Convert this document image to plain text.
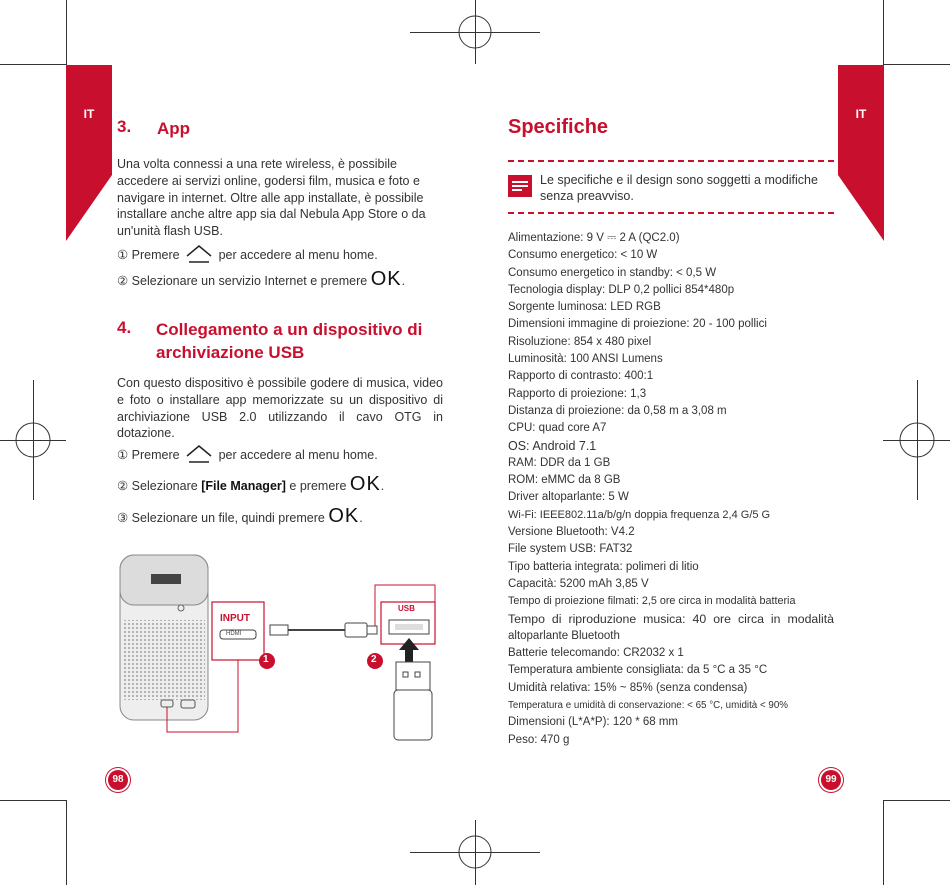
IT	IT
3. App
Una volta connessi a una rete wireless, è possibile accedere ai servizi online, godersi film, musica e foto e navigare in internet. Oltre alle app installate, è possibile installare anche altre app sia dal Nebula App Store o da un'unità flash USB.
① Premere	per accedere al menu home.
② Selezionare un servizio Internet e premere OK.
4. Collegamento a un dispositivo di
archiviazione USB
Con questo dispositivo è possibile godere di musica, video e foto o installare app memorizzate su un dispositivo di archiviazione USB 2.0 utilizzando il cavo OTG in dotazione.
① Premere	per accedere al menu home.
② Selezionare [File Manager] e premere OK.
③ Selezionare un file, quindi premere OK.
INPUT
USB
HDMI
1	2
Specifiche
Le specifiche e il design sono soggetti a modifiche senza preavviso.
Alimentazione: 9 V ⎓ 2 A (QC2.0)
Consumo energetico: < 10 W
Consumo energetico in standby: < 0,5 W
Tecnologia display: DLP 0,2 pollici 854*480p
Sorgente luminosa: LED RGB
Dimensioni immagine di proiezione: 20 - 100 pollici
Risoluzione: 854 x 480 pixel
Luminosità: 100 ANSI Lumens
Rapporto di contrasto: 400:1
Rapporto di proiezione: 1,3
Distanza di proiezione: da 0,58 m a 3,08 m
CPU: quad core A7
OS: Android 7.1
RAM: DDR da 1 GB
ROM: eMMC da 8 GB
Driver altoparlante: 5 W
Wi-Fi: IEEE802.11a/b/g/n doppia frequenza 2,4 G/5 G
Versione Bluetooth: V4.2
File system USB: FAT32
Tipo batteria integrata: polimeri di litio
Capacità: 5200 mAh 3,85 V
Tempo di proiezione filmati: 2,5 ore circa in modalità batteria
Tempo di riproduzione musica: 40 ore circa in modalità
altoparlante Bluetooth
Batterie telecomando: CR2032 x 1
Temperatura ambiente consigliata: da 5 °C a 35 °C
Umidità relativa: 15% ~ 85% (senza condensa)
Temperatura e umidità di conservazione: < 65 °C, umidità < 90%
Dimensioni (L*A*P): 120 * 68 mm
Peso: 470 g
98	99
